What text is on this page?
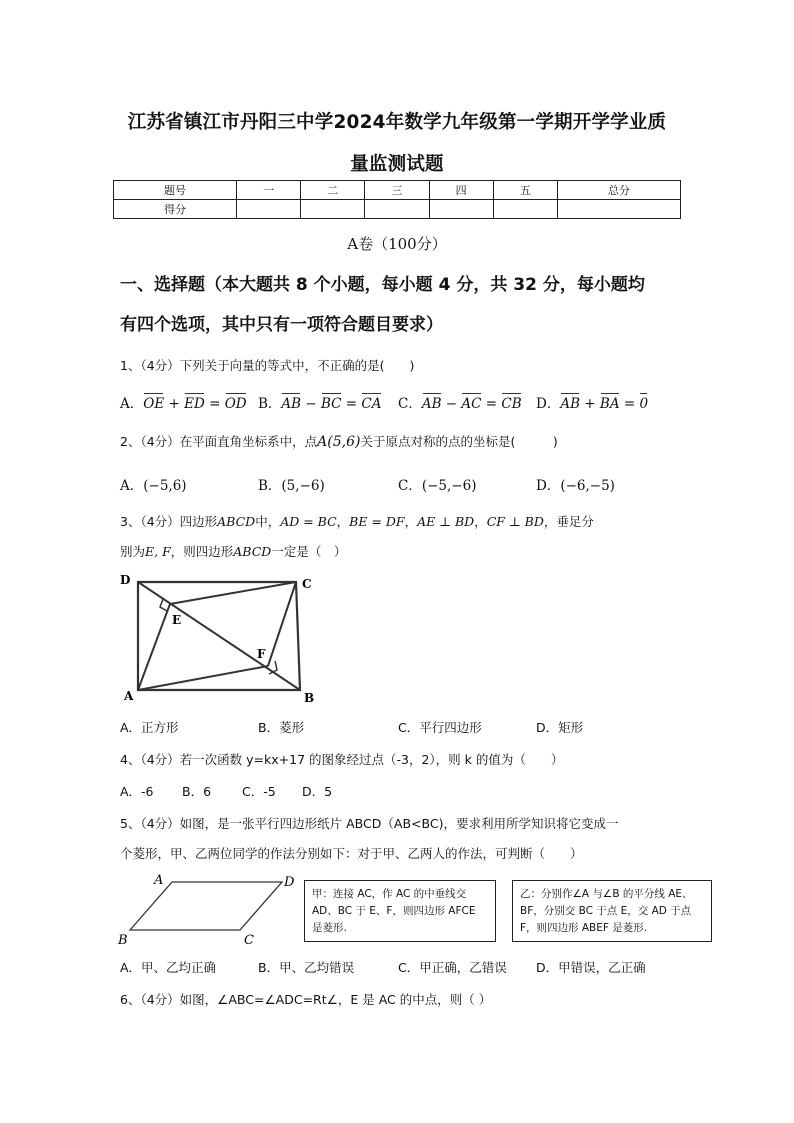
江苏省镇江市丹阳三中学2024年数学九年级第一学期开学学业质
量监测试题
题号	一	二	三	四	五	总分
得分						
A卷（100分）
一、选择题（本大题共 8 个小题，每小题 4 分，共 32 分，每小题均
有四个选项，其中只有一项符合题目要求）
1、（4分）下列关于向量的等式中，不正确的是(　　)
A．OE + ED = OD B．AB − BC = CA C．AB − AC = CB D．AB + BA = 0
2、（4分）在平面直角坐标系中，点A(5,6)关于原点对称的点的坐标是(　　　)
A．(−5,6)	B．(5,−6)	C．(−5,−6)	D．(−6,−5)
3、（4分）四边形ABCD中，AD = BC，BE = DF，AE ⊥ BD，CF ⊥ BD，垂足分
别为E, F，则四边形ABCD一定是（　）
D	C
A	B
E
F
A．正方形	B．菱形	C．平行四边形	D．矩形
4、（4分）若一次函数 y=kx+17 的图象经过点（-3，2），则 k 的值为（　　）
A．-6 B．6 C．-5 D．5
5、（4分）如图，是一张平行四边形纸片 ABCD（AB<BC)，要求利用所学知识将它变成一
个菱形，甲、乙两位同学的作法分别如下：对于甲、乙两人的作法，可判断（　　）
A	D
B	C
甲：连接 AC，作 AC 的中垂线交
AD、BC 于 E、F，则四边形 AFCE
是菱形.
乙：分别作∠A 与∠B 的平分线 AE、
BF，分别交 BC 于点 E，交 AD 于点
F，则四边形 ABEF 是菱形.
A．甲、乙均正确	B．甲、乙均错误	C．甲正确，乙错误 D．甲错误，乙正确
6、（4分）如图，∠ABC=∠ADC=Rt∠，E 是 AC 的中点，则（ ）
